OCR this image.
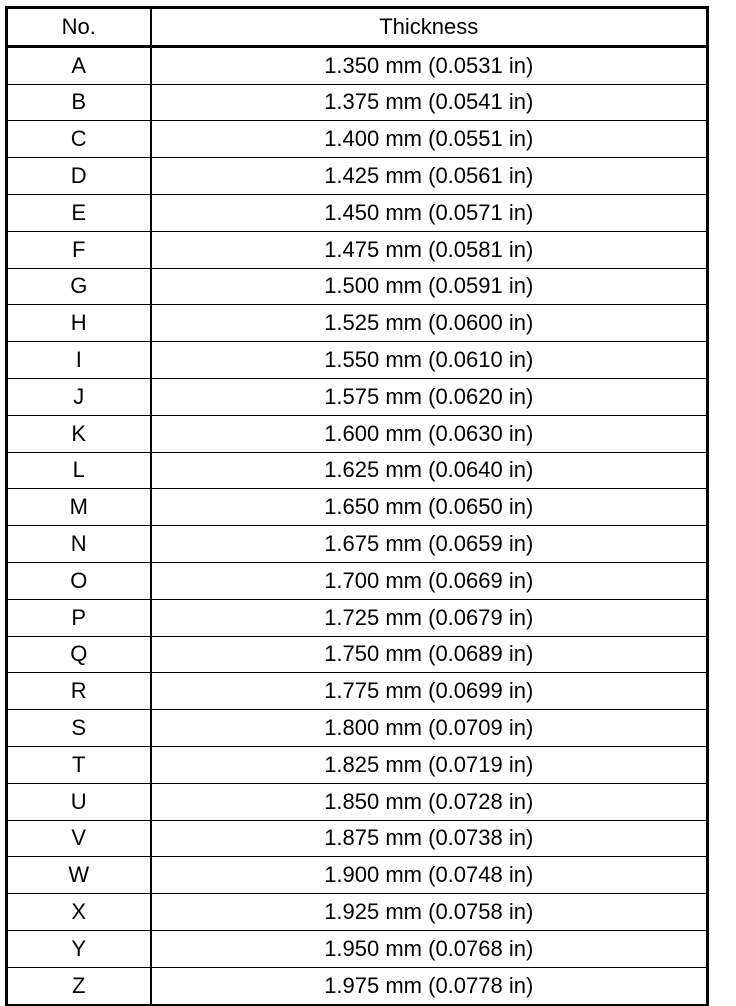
No.	Thickness
A	1.350 mm (0.0531 in)
B	1.375 mm (0.0541 in)
C	1.400 mm (0.0551 in)
D	1.425 mm (0.0561 in)
E	1.450 mm (0.0571 in)
F	1.475 mm (0.0581 in)
G	1.500 mm (0.0591 in)
H	1.525 mm (0.0600 in)
I	1.550 mm (0.0610 in)
J	1.575 mm (0.0620 in)
K	1.600 mm (0.0630 in)
L	1.625 mm (0.0640 in)
M	1.650 mm (0.0650 in)
N	1.675 mm (0.0659 in)
O	1.700 mm (0.0669 in)
P	1.725 mm (0.0679 in)
Q	1.750 mm (0.0689 in)
R	1.775 mm (0.0699 in)
S	1.800 mm (0.0709 in)
T	1.825 mm (0.0719 in)
U	1.850 mm (0.0728 in)
V	1.875 mm (0.0738 in)
W	1.900 mm (0.0748 in)
X	1.925 mm (0.0758 in)
Y	1.950 mm (0.0768 in)
Z	1.975 mm (0.0778 in)
